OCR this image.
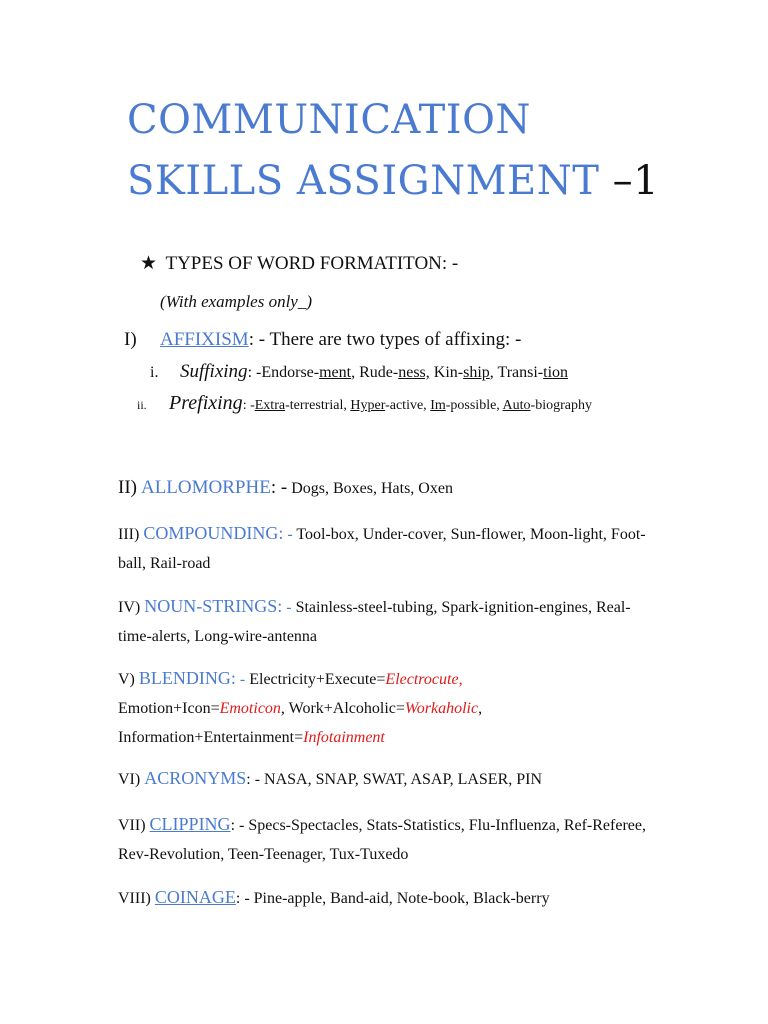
COMMUNICATION
SKILLS ASSIGNMENT –1
★ TYPES OF WORD FORMATITON: -
(With examples only_)
I) AFFIXISM: - There are two types of affixing: -
i. Suffixing: -Endorse-ment, Rude-ness, Kin-ship, Transi-tion
ii. Prefixing: -Extra-terrestrial, Hyper-active, Im-possible, Auto-biography
II) ALLOMORPHE: - Dogs, Boxes, Hats, Oxen
III) COMPOUNDING: - Tool-box, Under-cover, Sun-flower, Moon-light, Foot-ball, Rail-road
IV) NOUN-STRINGS: - Stainless-steel-tubing, Spark-ignition-engines, Real-time-alerts, Long-wire-antenna
V) BLENDING: - Electricity+Execute=Electrocute,
Emotion+Icon=Emoticon, Work+Alcoholic=Workaholic,
Information+Entertainment=Infotainment
VI) ACRONYMS: - NASA, SNAP, SWAT, ASAP, LASER, PIN
VII) CLIPPING: - Specs-Spectacles, Stats-Statistics, Flu-Influenza, Ref-Referee, Rev-Revolution, Teen-Teenager, Tux-Tuxedo
VIII) COINAGE: - Pine-apple, Band-aid, Note-book, Black-berry
